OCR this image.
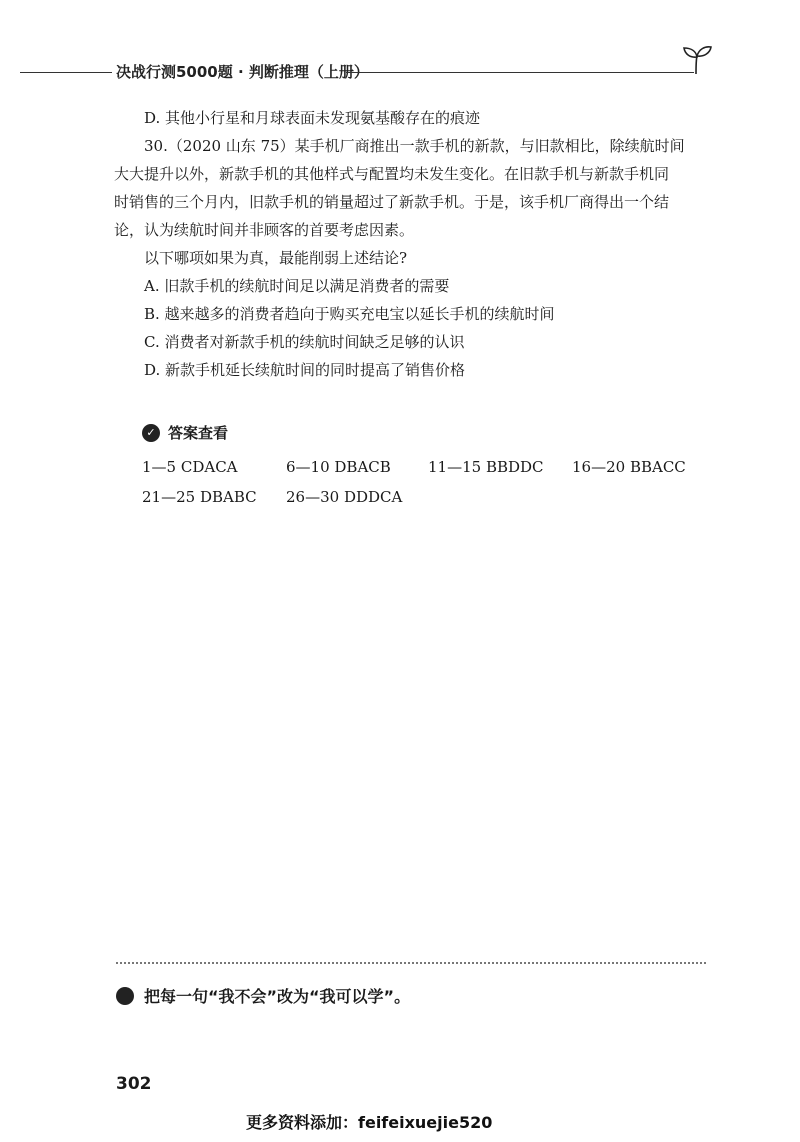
决战行测5000题 · 判断推理（上册）
D. 其他小行星和月球表面未发现氨基酸存在的痕迹
30.（2020 山东 75）某手机厂商推出一款手机的新款，与旧款相比，除续航时间
大大提升以外，新款手机的其他样式与配置均未发生变化。在旧款手机与新款手机同
时销售的三个月内，旧款手机的销量超过了新款手机。于是，该手机厂商得出一个结
论，认为续航时间并非顾客的首要考虑因素。
以下哪项如果为真，最能削弱上述结论?
A. 旧款手机的续航时间足以满足消费者的需要
B. 越来越多的消费者趋向于购买充电宝以延长手机的续航时间
C. 消费者对新款手机的续航时间缺乏足够的认识
D. 新款手机延长续航时间的同时提高了销售价格
✓ 答案查看
1—5 CDACA	6—10 DBACB 11—15 BBDDC 16—20 BBACC
21—25 DBABC 26—30 DDDCA
把每一句“我不会”改为“我可以学”。
302
更多资料添加：feifeixuejie520
